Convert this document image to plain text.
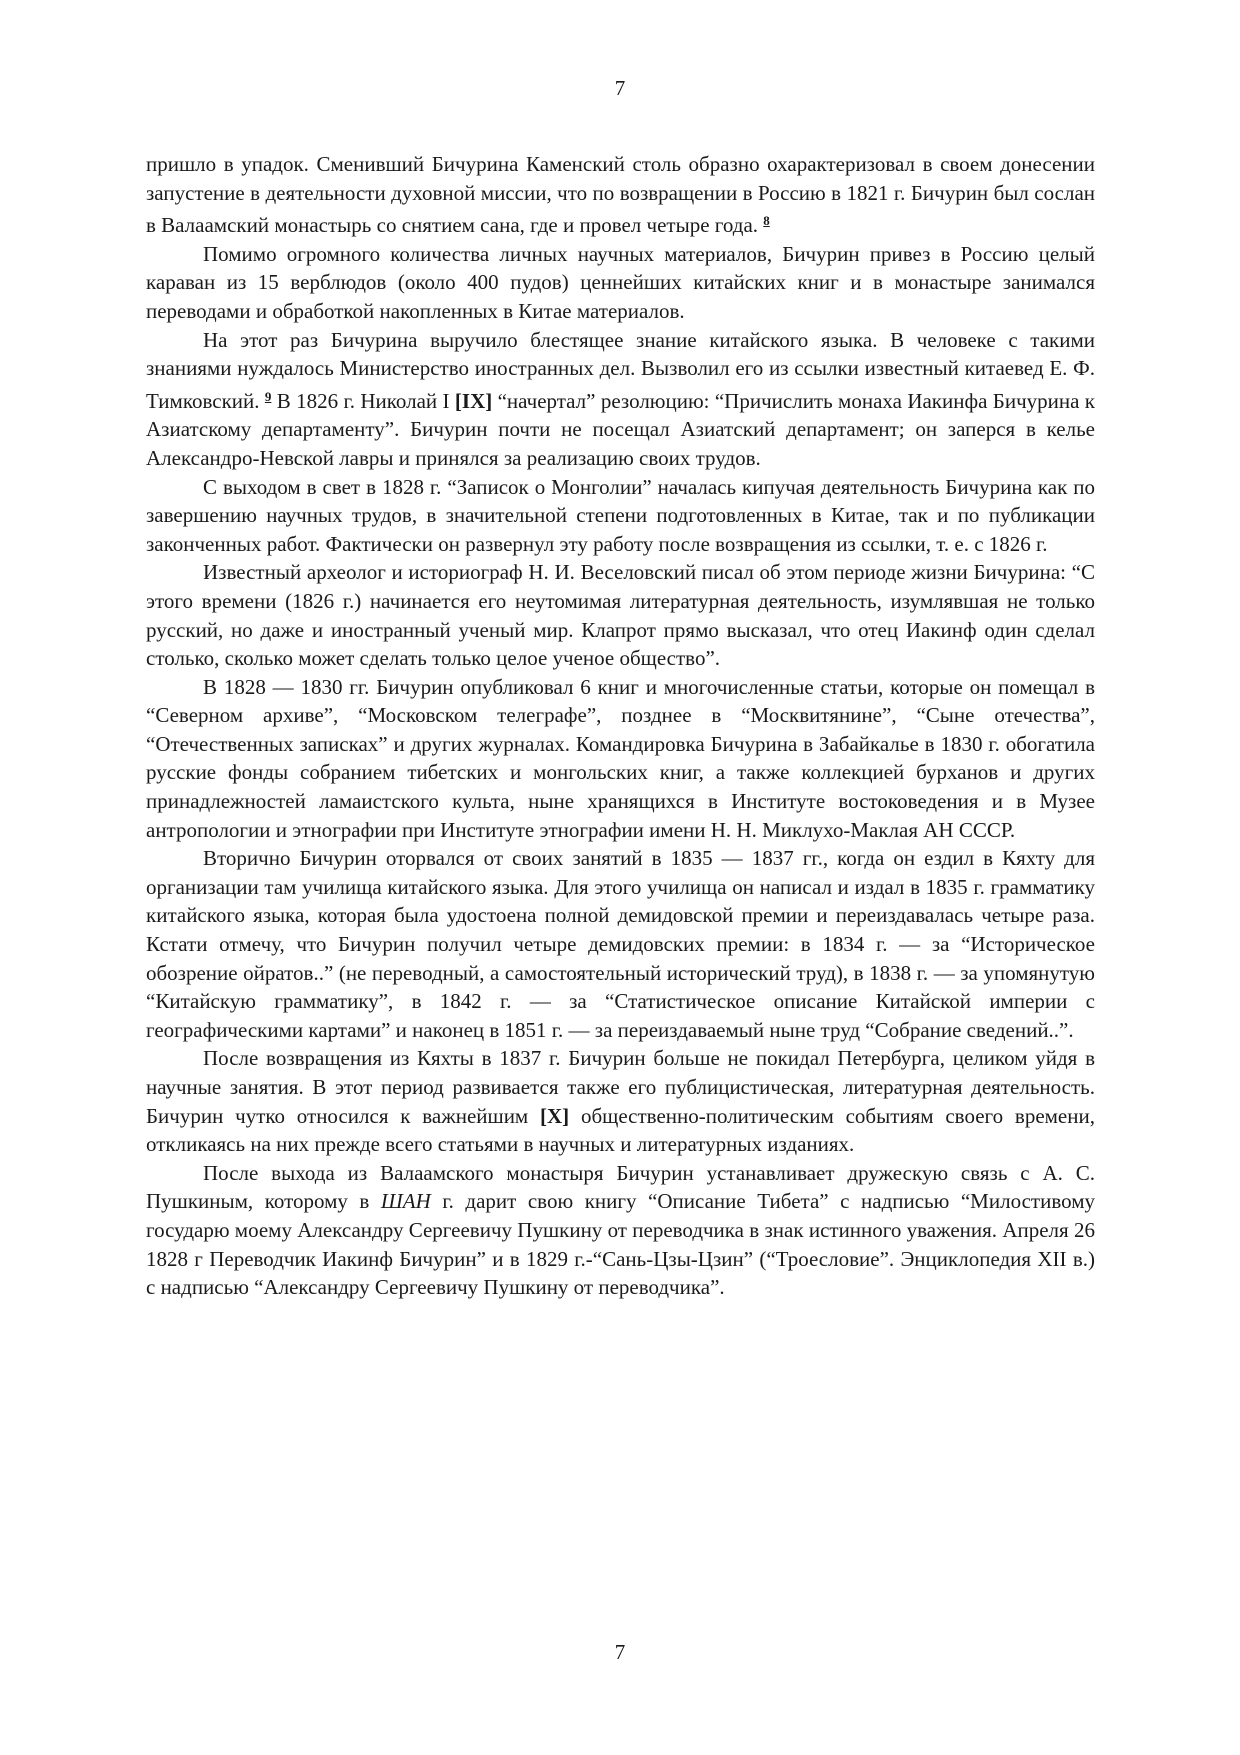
7

пришло в упадок. Сменивший Бичурина Каменский столь образно охарактеризовал в своем донесении запустение в деятельности духовной миссии, что по возвращении в Россию в 1821 г. Бичурин был сослан в Валаамский монастырь со снятием сана, где и провел четыре года. $^8$

Помимо огромного количества личных научных материалов, Бичурин привез в Россию целый караван из 15 верблюдов (около 400 пудов) ценнейших китайских книг и в монастыре занимался переводами и обработкой накопленных в Китае материалов.

На этот раз Бичурина выручило блестящее знание китайского языка. В человеке с такими знаниями нуждалось Министерство иностранных дел. Вызволил его из ссылки известный китаевед Е. Ф. Тимковский. $^9$ В 1826 г. Николай I [IX] “начертал” резолюцию: “Причислить монаха Иакинфа Бичурина к Азиатскому департаменту”. Бичурин почти не посещал Азиатский департамент; он заперся в келье Александро-Невской лавры и принялся за реализацию своих трудов.

С выходом в свет в 1828 г. “Записок о Монголии” началась кипучая деятельность Бичурина как по завершению научных трудов, в значительной степени подготовленных в Китае, так и по публикации законченных работ. Фактически он развернул эту работу после возвращения из ссылки, т. е. с 1826 г.

Известный археолог и историограф Н. И. Веселовский писал об этом периоде жизни Бичурина: “С этого времени (1826 г.) начинается его неутомимая литературная деятельность, изумлявшая не только русский, но даже и иностранный ученый мир. Клапрот прямо высказал, что отец Иакинф один сделал столько, сколько может сделать только целое ученое общество”.

В 1828 — 1830 гг. Бичурин опубликовал 6 книг и многочисленные статьи, которые он помещал в “Северном архиве”, “Московском телеграфе”, позднее в “Москвитянине”, “Сыне отечества”, “Отечественных записках” и других журналах. Командировка Бичурина в Забайкалье в 1830 г. обогатила русские фонды собранием тибетских и монгольских книг, а также коллекцией бурханов и других принадлежностей ламаистского культа, ныне хранящихся в Институте востоковедения и в Музее антропологии и этнографии при Институте этнографии имени Н. Н. Миклухо-Маклая АН СССР.

Вторично Бичурин оторвался от своих занятий в 1835 — 1837 гг., когда он ездил в Кяхту для организации там училища китайского языка. Для этого училища он написал и издал в 1835 г. грамматику китайского языка, которая была удостоена полной демидовской премии и переиздавалась четыре раза. Кстати отмечу, что Бичурин получил четыре демидовских премии: в 1834 г. — за “Историческое обозрение ойратов..” (не переводный, а самостоятельный исторический труд), в 1838 г. — за упомянутую “Китайскую грамматику”, в 1842 г. — за “Статистическое описание Китайской империи с географическими картами” и наконец в 1851 г. — за переиздаваемый ныне труд “Собрание сведений..”.

После возвращения из Кяхты в 1837 г. Бичурин больше не покидал Петербурга, целиком уйдя в научные занятия. В этот период развивается также его публицистическая, литературная деятельность. Бичурин чутко относился к важнейшим [X] общественно-политическим событиям своего времени, откликаясь на них прежде всего статьями в научных и литературных изданиях.

После выхода из Валаамского монастыря Бичурин устанавливает дружескую связь с А. С. Пушкиным, которому в ШАН г. дарит свою книгу “Описание Тибета” с надписью “Милостивому государю моему Александру Сергеевичу Пушкину от переводчика в знак истинного уважения. Апреля 26 1828 г Переводчик Иакинф Бичурин” и в 1829 г.-“Сань-Цзы-Цзин” (“Троесловие”. Энциклопедия XII в.) с надписью “Александру Сергеевичу Пушкину от переводчика”.

7
